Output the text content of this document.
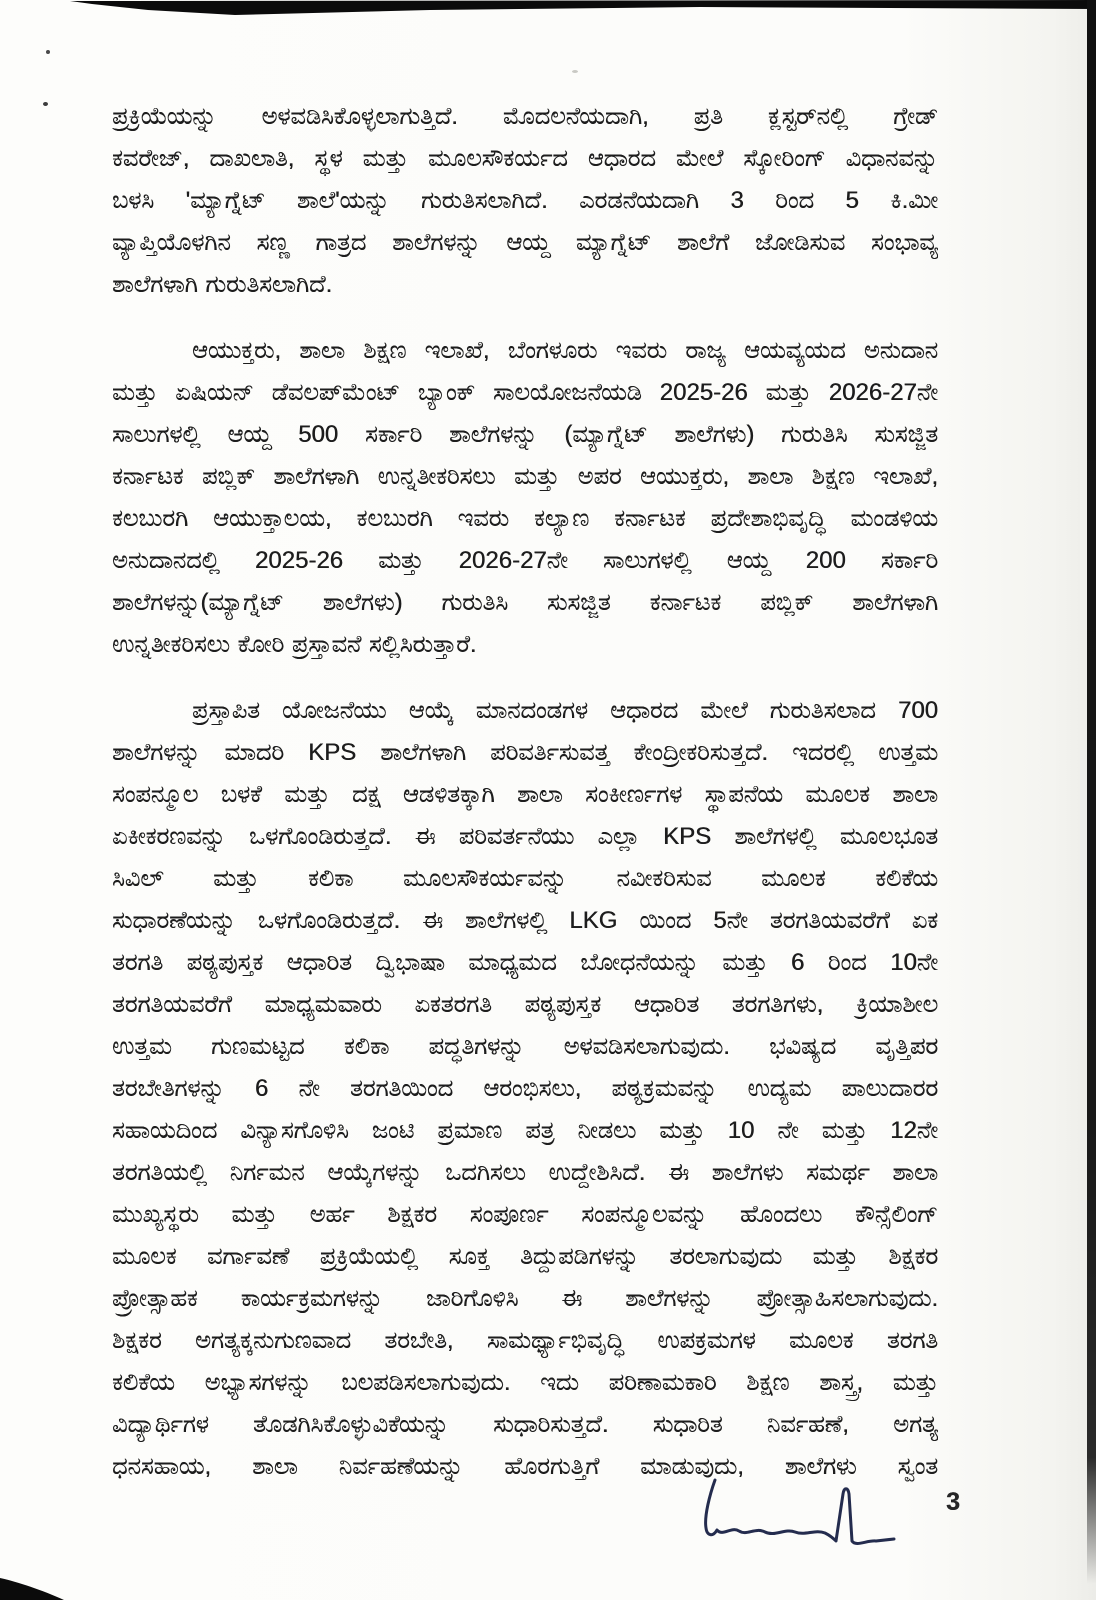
ಪ್ರಕ್ರಿಯೆಯನ್ನು ಅಳವಡಿಸಿಕೊಳ್ಳಲಾಗುತ್ತಿದೆ. ಮೊದಲನೆಯದಾಗಿ, ಪ್ರತಿ ಕ್ಲಸ್ಟರ್‌ನಲ್ಲಿ ಗ್ರೇಡ್
ಕವರೇಜ್, ದಾಖಲಾತಿ, ಸ್ಥಳ ಮತ್ತು ಮೂಲಸೌಕರ್ಯದ ಆಧಾರದ ಮೇಲೆ ಸ್ಕೋರಿಂಗ್ ವಿಧಾನವನ್ನು
ಬಳಸಿ 'ಮ್ಯಾಗ್ನೆಟ್ ಶಾಲೆ'ಯನ್ನು ಗುರುತಿಸಲಾಗಿದೆ. ಎರಡನೆಯದಾಗಿ 3 ರಿಂದ 5 ಕಿ.ಮೀ
ವ್ಯಾಪ್ತಿಯೊಳಗಿನ ಸಣ್ಣ ಗಾತ್ರದ ಶಾಲೆಗಳನ್ನು ಆಯ್ದ ಮ್ಯಾಗ್ನೆಟ್ ಶಾಲೆಗೆ ಜೋಡಿಸುವ ಸಂಭಾವ್ಯ
ಶಾಲೆಗಳಾಗಿ ಗುರುತಿಸಲಾಗಿದೆ.
ಆಯುಕ್ತರು, ಶಾಲಾ ಶಿಕ್ಷಣ ಇಲಾಖೆ, ಬೆಂಗಳೂರು ಇವರು ರಾಜ್ಯ ಆಯವ್ಯಯದ ಅನುದಾನ
ಮತ್ತು ಏಷಿಯನ್ ಡೆವಲಪ್‌ಮೆಂಟ್ ಬ್ಯಾಂಕ್ ಸಾಲಯೋಜನೆಯಡಿ 2025-26 ಮತ್ತು 2026-27ನೇ
ಸಾಲುಗಳಲ್ಲಿ ಆಯ್ದ 500 ಸರ್ಕಾರಿ ಶಾಲೆಗಳನ್ನು (ಮ್ಯಾಗ್ನೆಟ್ ಶಾಲೆಗಳು) ಗುರುತಿಸಿ ಸುಸಜ್ಜಿತ
ಕರ್ನಾಟಕ ಪಬ್ಲಿಕ್ ಶಾಲೆಗಳಾಗಿ ಉನ್ನತೀಕರಿಸಲು ಮತ್ತು ಅಪರ ಆಯುಕ್ತರು, ಶಾಲಾ ಶಿಕ್ಷಣ ಇಲಾಖೆ,
ಕಲಬುರಗಿ ಆಯುಕ್ತಾಲಯ, ಕಲಬುರಗಿ ಇವರು ಕಲ್ಯಾಣ ಕರ್ನಾಟಕ ಪ್ರದೇಶಾಭಿವೃದ್ಧಿ ಮಂಡಳಿಯ
ಅನುದಾನದಲ್ಲಿ 2025-26 ಮತ್ತು 2026-27ನೇ ಸಾಲುಗಳಲ್ಲಿ ಆಯ್ದ 200 ಸರ್ಕಾರಿ
ಶಾಲೆಗಳನ್ನು(ಮ್ಯಾಗ್ನೆಟ್ ಶಾಲೆಗಳು) ಗುರುತಿಸಿ ಸುಸಜ್ಜಿತ ಕರ್ನಾಟಕ ಪಬ್ಲಿಕ್ ಶಾಲೆಗಳಾಗಿ
ಉನ್ನತೀಕರಿಸಲು ಕೋರಿ ಪ್ರಸ್ತಾವನೆ ಸಲ್ಲಿಸಿರುತ್ತಾರೆ.
ಪ್ರಸ್ತಾಪಿತ ಯೋಜನೆಯು ಆಯ್ಕೆ ಮಾನದಂಡಗಳ ಆಧಾರದ ಮೇಲೆ ಗುರುತಿಸಲಾದ 700
ಶಾಲೆಗಳನ್ನು ಮಾದರಿ KPS ಶಾಲೆಗಳಾಗಿ ಪರಿವರ್ತಿಸುವತ್ತ ಕೇಂದ್ರೀಕರಿಸುತ್ತದೆ. ಇದರಲ್ಲಿ ಉತ್ತಮ
ಸಂಪನ್ಮೂಲ ಬಳಕೆ ಮತ್ತು ದಕ್ಷ ಆಡಳಿತಕ್ಕಾಗಿ ಶಾಲಾ ಸಂಕೀರ್ಣಗಳ ಸ್ಥಾಪನೆಯ ಮೂಲಕ ಶಾಲಾ
ಏಕೀಕರಣವನ್ನು ಒಳಗೊಂಡಿರುತ್ತದೆ. ಈ ಪರಿವರ್ತನೆಯು ಎಲ್ಲಾ KPS ಶಾಲೆಗಳಲ್ಲಿ ಮೂಲಭೂತ
ಸಿವಿಲ್ ಮತ್ತು ಕಲಿಕಾ ಮೂಲಸೌಕರ್ಯವನ್ನು ನವೀಕರಿಸುವ ಮೂಲಕ ಕಲಿಕೆಯ
ಸುಧಾರಣೆಯನ್ನು ಒಳಗೊಂಡಿರುತ್ತದೆ. ಈ ಶಾಲೆಗಳಲ್ಲಿ LKG ಯಿಂದ 5ನೇ ತರಗತಿಯವರೆಗೆ ಏಕ
ತರಗತಿ ಪಠ್ಯಪುಸ್ತಕ ಆಧಾರಿತ ದ್ವಿಭಾಷಾ ಮಾಧ್ಯಮದ ಬೋಧನೆಯನ್ನು ಮತ್ತು 6 ರಿಂದ 10ನೇ
ತರಗತಿಯವರೆಗೆ ಮಾಧ್ಯಮವಾರು ಏಕತರಗತಿ ಪಠ್ಯಪುಸ್ತಕ ಆಧಾರಿತ ತರಗತಿಗಳು, ಕ್ರಿಯಾಶೀಲ
ಉತ್ತಮ ಗುಣಮಟ್ಟದ ಕಲಿಕಾ ಪದ್ಧತಿಗಳನ್ನು ಅಳವಡಿಸಲಾಗುವುದು. ಭವಿಷ್ಯದ ವೃತ್ತಿಪರ
ತರಬೇತಿಗಳನ್ನು 6 ನೇ ತರಗತಿಯಿಂದ ಆರಂಭಿಸಲು, ಪಠ್ಯಕ್ರಮವನ್ನು ಉದ್ಯಮ ಪಾಲುದಾರರ
ಸಹಾಯದಿಂದ ವಿನ್ಯಾಸಗೊಳಿಸಿ ಜಂಟಿ ಪ್ರಮಾಣ ಪತ್ರ ನೀಡಲು ಮತ್ತು 10 ನೇ ಮತ್ತು 12ನೇ
ತರಗತಿಯಲ್ಲಿ ನಿರ್ಗಮನ ಆಯ್ಕೆಗಳನ್ನು ಒದಗಿಸಲು ಉದ್ದೇಶಿಸಿದೆ. ಈ ಶಾಲೆಗಳು ಸಮರ್ಥ ಶಾಲಾ
ಮುಖ್ಯಸ್ಥರು ಮತ್ತು ಅರ್ಹ ಶಿಕ್ಷಕರ ಸಂಪೂರ್ಣ ಸಂಪನ್ಮೂಲವನ್ನು ಹೊಂದಲು ಕೌನ್ಸೆಲಿಂಗ್
ಮೂಲಕ ವರ್ಗಾವಣೆ ಪ್ರಕ್ರಿಯೆಯಲ್ಲಿ ಸೂಕ್ತ ತಿದ್ದುಪಡಿಗಳನ್ನು ತರಲಾಗುವುದು ಮತ್ತು ಶಿಕ್ಷಕರ
ಪ್ರೋತ್ಸಾಹಕ ಕಾರ್ಯಕ್ರಮಗಳನ್ನು ಜಾರಿಗೊಳಿಸಿ ಈ ಶಾಲೆಗಳನ್ನು ಪ್ರೋತ್ಸಾಹಿಸಲಾಗುವುದು.
ಶಿಕ್ಷಕರ ಅಗತ್ಯಕ್ಕನುಗುಣವಾದ ತರಬೇತಿ, ಸಾಮರ್ಥ್ಯಾಭಿವೃದ್ಧಿ ಉಪಕ್ರಮಗಳ ಮೂಲಕ ತರಗತಿ
ಕಲಿಕೆಯ ಅಭ್ಯಾಸಗಳನ್ನು ಬಲಪಡಿಸಲಾಗುವುದು. ಇದು ಪರಿಣಾಮಕಾರಿ ಶಿಕ್ಷಣ ಶಾಸ್ತ್ರ, ಮತ್ತು
ವಿದ್ಯಾರ್ಥಿಗಳ ತೊಡಗಿಸಿಕೊಳ್ಳುವಿಕೆಯನ್ನು ಸುಧಾರಿಸುತ್ತದೆ. ಸುಧಾರಿತ ನಿರ್ವಹಣೆ, ಅಗತ್ಯ
ಧನಸಹಾಯ, ಶಾಲಾ ನಿರ್ವಹಣೆಯನ್ನು ಹೊರಗುತ್ತಿಗೆ ಮಾಡುವುದು, ಶಾಲೆಗಳು ಸ್ವಂತ
3
